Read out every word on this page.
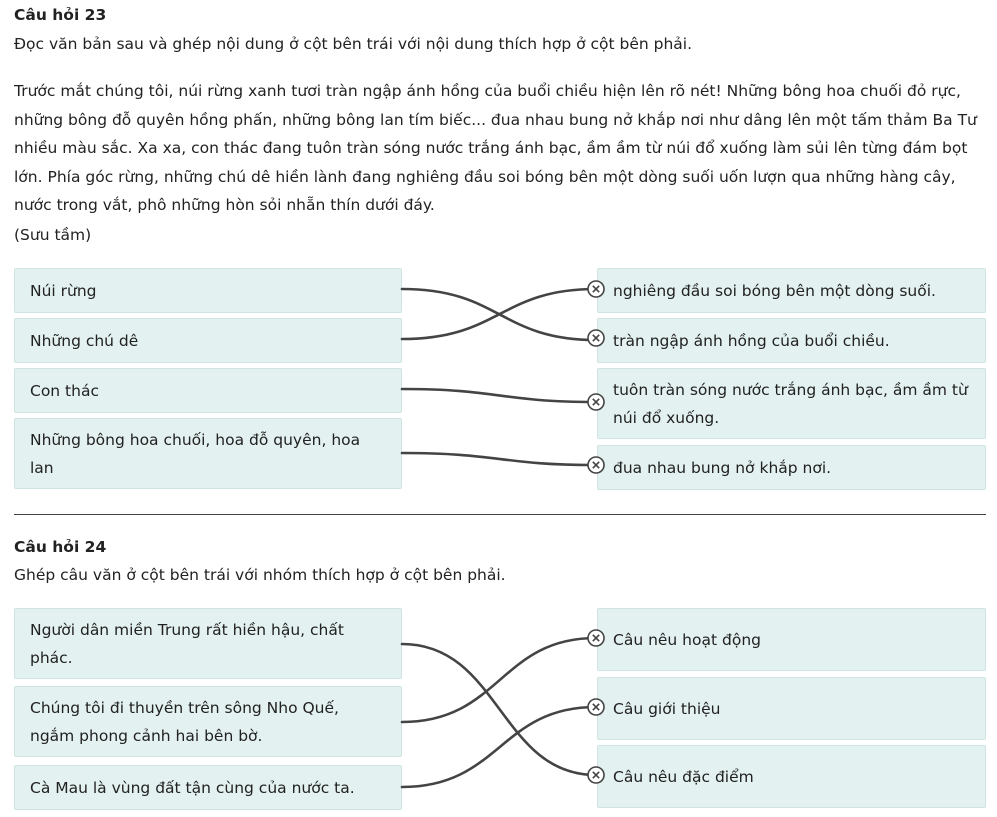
Câu hỏi 23
Đọc văn bản sau và ghép nội dung ở cột bên trái với nội dung thích hợp ở cột bên phải.

Trước mắt chúng tôi, núi rừng xanh tươi tràn ngập ánh hồng của buổi chiều hiện lên rõ nét! Những bông hoa chuối đỏ rực, những bông đỗ quyên hồng phấn, những bông lan tím biếc... đua nhau bung nở khắp nơi như dâng lên một tấm thảm Ba Tư nhiều màu sắc. Xa xa, con thác đang tuôn tràn sóng nước trắng ánh bạc, ầm ầm từ núi đổ xuống làm sủi lên từng đám bọt lớn. Phía góc rừng, những chú dê hiền lành đang nghiêng đầu soi bóng bên một dòng suối uốn lượn qua những hàng cây, nước trong vắt, phô những hòn sỏi nhẵn thín dưới đáy.

(Sưu tầm)
Núi rừng
Những chú dê
Con thác
Những bông hoa chuối, hoa đỗ quyên, hoa lan
nghiêng đầu soi bóng bên một dòng suối.
tràn ngập ánh hồng của buổi chiều.
tuôn tràn sóng nước trắng ánh bạc, ầm ầm từ núi đổ xuống.
đua nhau bung nở khắp nơi.
Câu hỏi 24
Ghép câu văn ở cột bên trái với nhóm thích hợp ở cột bên phải.
Người dân miền Trung rất hiền hậu, chất phác.
Chúng tôi đi thuyền trên sông Nho Quế, ngắm phong cảnh hai bên bờ.
Cà Mau là vùng đất tận cùng của nước ta.
Câu nêu hoạt động
Câu giới thiệu
Câu nêu đặc điểm
